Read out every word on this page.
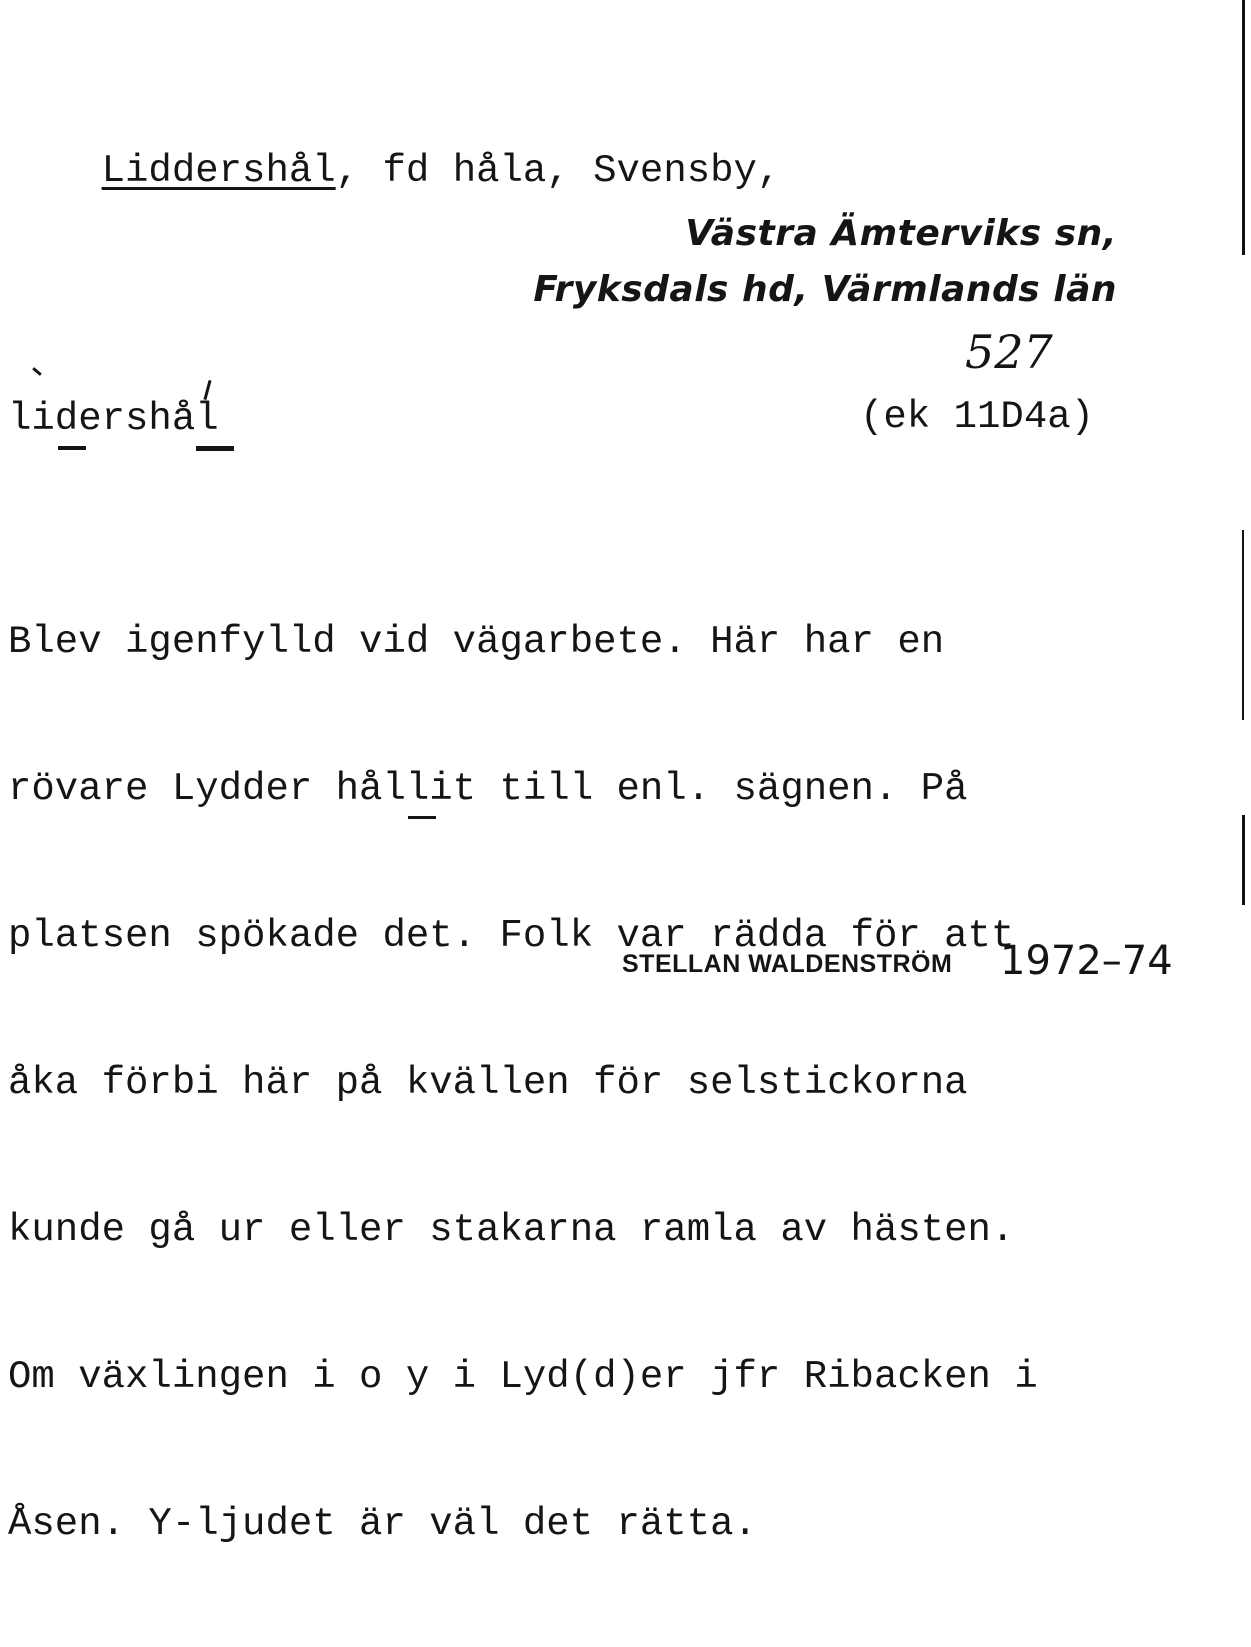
Liddershål, fd håla, Svensby,

Västra Ämterviks sn,
Fryksdals hd, Värmlands län
527
lidershål	(ek 11D4a)

Blev igenfylld vid vägarbete. Här har en

rövare Lydder hållit till enl. sägnen. På

platsen spökade det. Folk var rädda för att

åka förbi här på kvällen för selstickorna

kunde gå ur eller stakarna ramla av hästen.

Om växlingen i o y i Lyd(d)er jfr Ribacken i

Åsen. Y-ljudet är väl det rätta.

STELLAN WALDENSTRÖM 1972–74
